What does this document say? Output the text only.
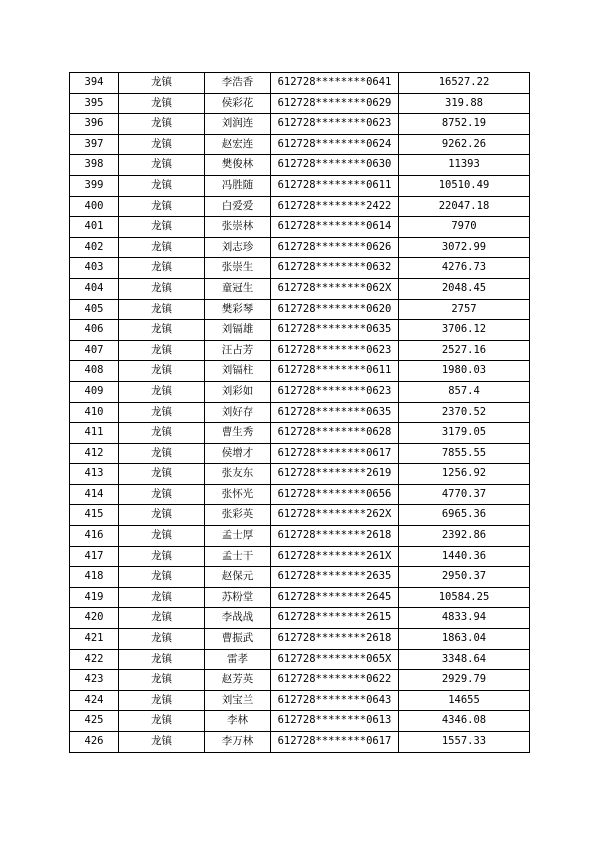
394	龙镇	李浩香	612728********0641	16527.22
395	龙镇	侯彩花	612728********0629	319.88
396	龙镇	刘润连	612728********0623	8752.19
397	龙镇	赵宏连	612728********0624	9262.26
398	龙镇	樊俊林	612728********0630	11393
399	龙镇	冯胜随	612728********0611	10510.49
400	龙镇	白爱爱	612728********2422	22047.18
401	龙镇	张崇林	612728********0614	7970
402	龙镇	刘志珍	612728********0626	3072.99
403	龙镇	张崇生	612728********0632	4276.73
404	龙镇	童冠生	612728********062X	2048.45
405	龙镇	樊彩琴	612728********0620	2757
406	龙镇	刘镉雄	612728********0635	3706.12
407	龙镇	汪占芳	612728********0623	2527.16
408	龙镇	刘镉柱	612728********0611	1980.03
409	龙镇	刘彩如	612728********0623	857.4
410	龙镇	刘好存	612728********0635	2370.52
411	龙镇	曹生秀	612728********0628	3179.05
412	龙镇	侯增才	612728********0617	7855.55
413	龙镇	张友东	612728********2619	1256.92
414	龙镇	张怀光	612728********0656	4770.37
415	龙镇	张彩英	612728********262X	6965.36
416	龙镇	孟士厚	612728********2618	2392.86
417	龙镇	孟士干	612728********261X	1440.36
418	龙镇	赵保元	612728********2635	2950.37
419	龙镇	苏粉堂	612728********2645	10584.25
420	龙镇	李战战	612728********2615	4833.94
421	龙镇	曹振武	612728********2618	1863.04
422	龙镇	雷孝	612728********065X	3348.64
423	龙镇	赵芳英	612728********0622	2929.79
424	龙镇	刘宝兰	612728********0643	14655
425	龙镇	李林	612728********0613	4346.08
426	龙镇	李万林	612728********0617	1557.33
